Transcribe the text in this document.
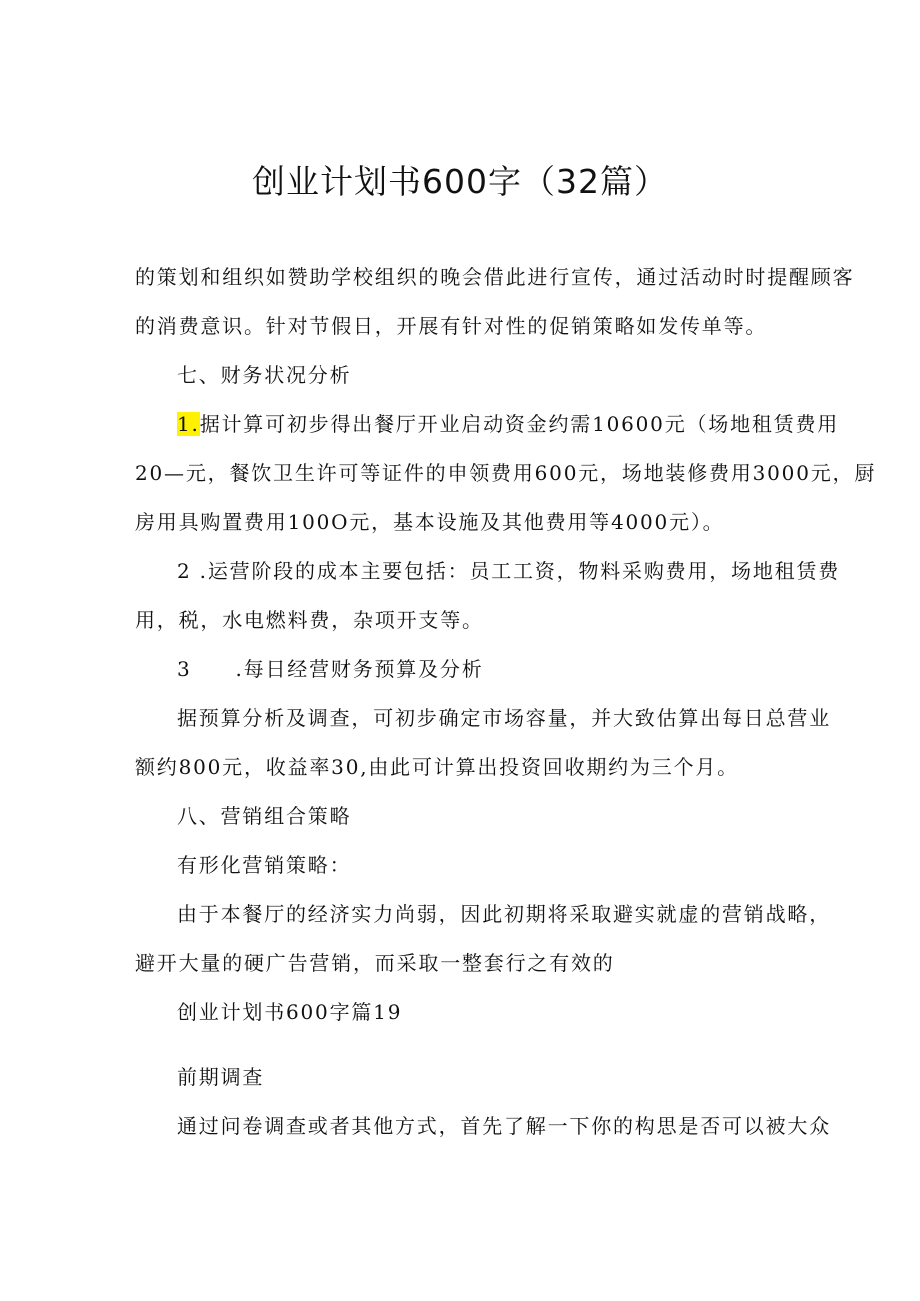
创业计划书600字（32篇）
的策划和组织如赞助学校组织的晚会借此进行宣传，通过活动时时提醒顾客
的消费意识。针对节假日，开展有针对性的促销策略如发传单等。
七、财务状况分析
1.据计算可初步得出餐厅开业启动资金约需10600元（场地租赁费用
20—元，餐饮卫生许可等证件的申领费用600元，场地装修费用3000元，厨
房用具购置费用100O元，基本设施及其他费用等4000元）。
2 .运营阶段的成本主要包括：员工工资，物料采购费用，场地租赁费
用，税，水电燃料费，杂项开支等。
3 .每日经营财务预算及分析
据预算分析及调查，可初步确定市场容量，并大致估算出每日总营业
额约800元，收益率30,由此可计算出投资回收期约为三个月。
八、营销组合策略
有形化营销策略：
由于本餐厅的经济实力尚弱，因此初期将采取避实就虚的营销战略，
避开大量的硬广告营销，而采取一整套行之有效的
创业计划书600字篇19
前期调查
通过问卷调查或者其他方式，首先了解一下你的构思是否可以被大众
